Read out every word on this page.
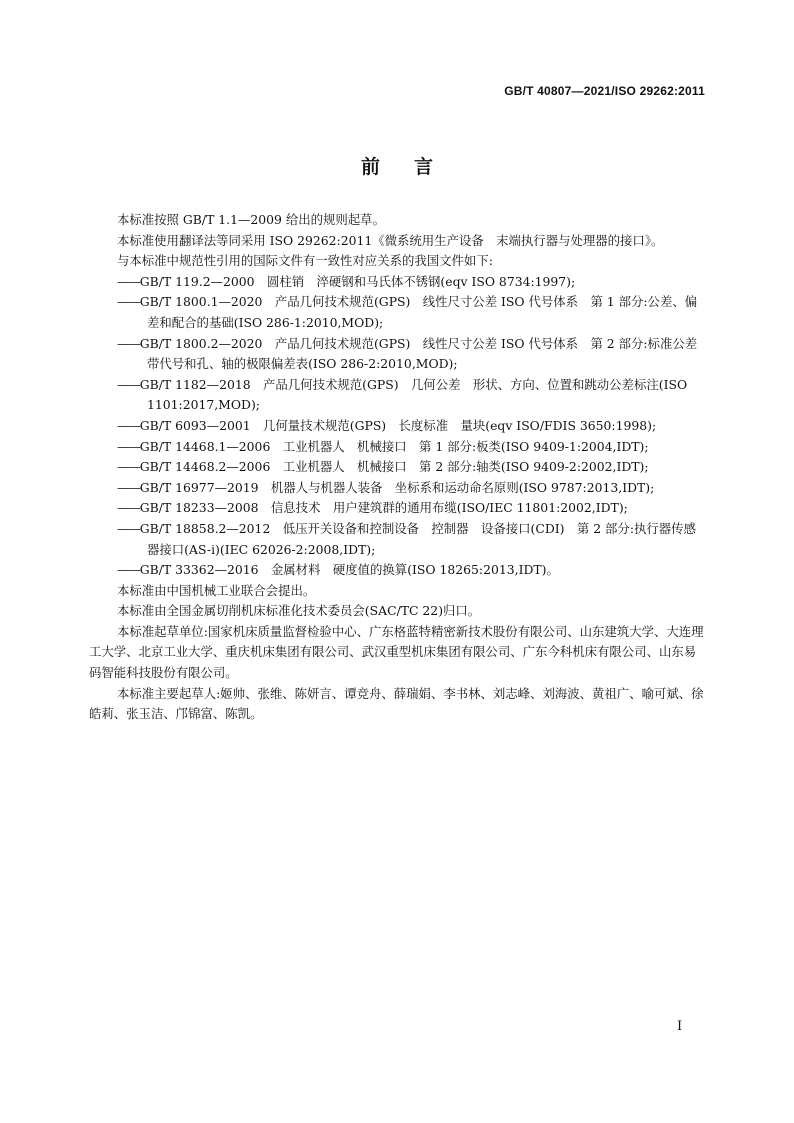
GB/T 40807—2021/ISO 29262:2011
前言

本标准按照 GB/T 1.1—2009 给出的规则起草。

本标准使用翻译法等同采用 ISO 29262:2011《微系统用生产设备　末端执行器与处理器的接口》。

与本标准中规范性引用的国际文件有一致性对应关系的我国文件如下:

——GB/T 119.2—2000　圆柱销　淬硬钢和马氏体不锈钢(eqv ISO 8734:1997);

——GB/T 1800.1—2020　产品几何技术规范(GPS)　线性尺寸公差 ISO 代号体系　第 1 部分:公差、偏差和配合的基础(ISO 286-1:2010,MOD);

——GB/T 1800.2—2020　产品几何技术规范(GPS)　线性尺寸公差 ISO 代号体系　第 2 部分:标准公差带代号和孔、轴的极限偏差表(ISO 286-2:2010,MOD);

——GB/T 1182—2018　产品几何技术规范(GPS)　几何公差　形状、方向、位置和跳动公差标注(ISO 1101:2017,MOD);

——GB/T 6093—2001　几何量技术规范(GPS)　长度标准　量块(eqv ISO/FDIS 3650:1998);

——GB/T 14468.1—2006　工业机器人　机械接口　第 1 部分:板类(ISO 9409-1:2004,IDT);

——GB/T 14468.2—2006　工业机器人　机械接口　第 2 部分:轴类(ISO 9409-2:2002,IDT);

——GB/T 16977—2019　机器人与机器人装备　坐标系和运动命名原则(ISO 9787:2013,IDT);

——GB/T 18233—2008　信息技术　用户建筑群的通用布缆(ISO/IEC 11801:2002,IDT);

——GB/T 18858.2—2012　低压开关设备和控制设备　控制器　设备接口(CDI)　第 2 部分:执行器传感器接口(AS-i)(IEC 62026-2:2008,IDT);

——GB/T 33362—2016　金属材料　硬度值的换算(ISO 18265:2013,IDT)。

本标准由中国机械工业联合会提出。

本标准由全国金属切削机床标准化技术委员会(SAC/TC 22)归口。

本标准起草单位:国家机床质量监督检验中心、广东格蓝特精密新技术股份有限公司、山东建筑大学、大连理工大学、北京工业大学、重庆机床集团有限公司、武汉重型机床集团有限公司、广东今科机床有限公司、山东易码智能科技股份有限公司。

本标准主要起草人:姬帅、张维、陈妍言、谭竞舟、薛瑞娟、李书林、刘志峰、刘海波、黄祖广、喻可斌、徐皓莉、张玉洁、邝锦富、陈凯。

I
